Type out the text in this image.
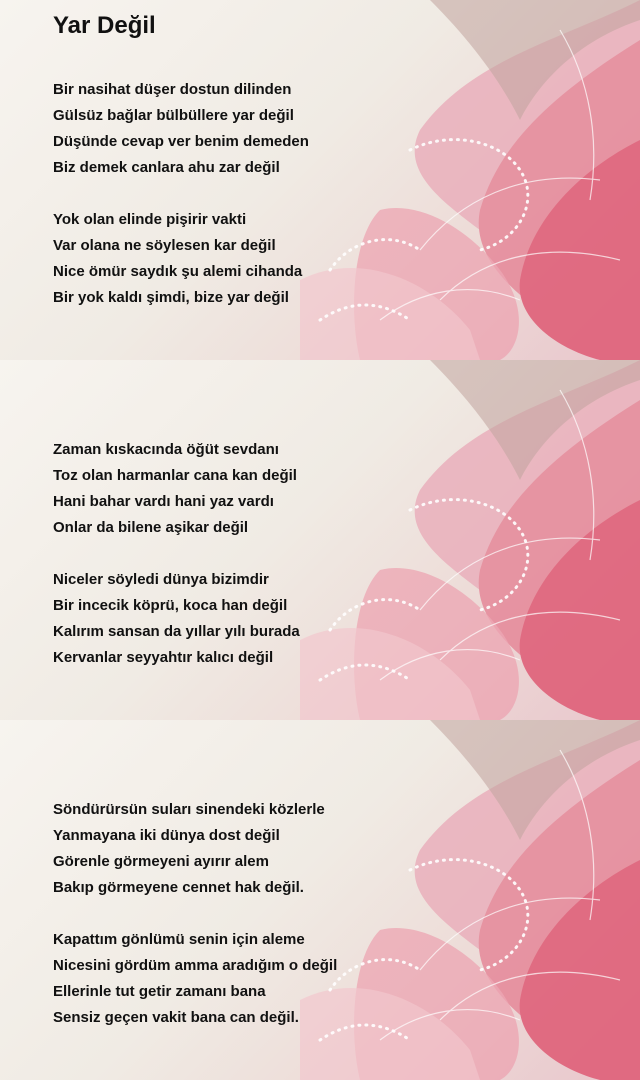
Yar Değil
Bir nasihat düşer dostun dilinden
Gülsüz bağlar bülbüllere yar değil
Düşünde cevap ver benim demeden
Biz demek canlara ahu zar değil
Yok olan elinde pişirir vakti
Var olana ne söylesen kar değil
Nice ömür saydık şu alemi cihanda
Bir yok kaldı şimdi, bize yar değil
Zaman kıskacında öğüt sevdanı
Toz olan harmanlar cana kan değil
Hani bahar vardı hani yaz vardı
Onlar da bilene aşikar değil
Niceler söyledi dünya bizimdir
Bir incecik köprü, koca han değil
Kalırım sansan da yıllar yılı burada
Kervanlar seyyahtır kalıcı değil
Söndürürsün suları sinendeki közlerle
Yanmayana iki dünya dost değil
Görenle görmeyeni ayırır alem
Bakıp görmeyene cennet hak değil.
Kapattım gönlümü senin için aleme
Nicesini gördüm amma aradığım o değil
Ellerinle tut getir zamanı bana
Sensiz geçen vakit bana can değil.
